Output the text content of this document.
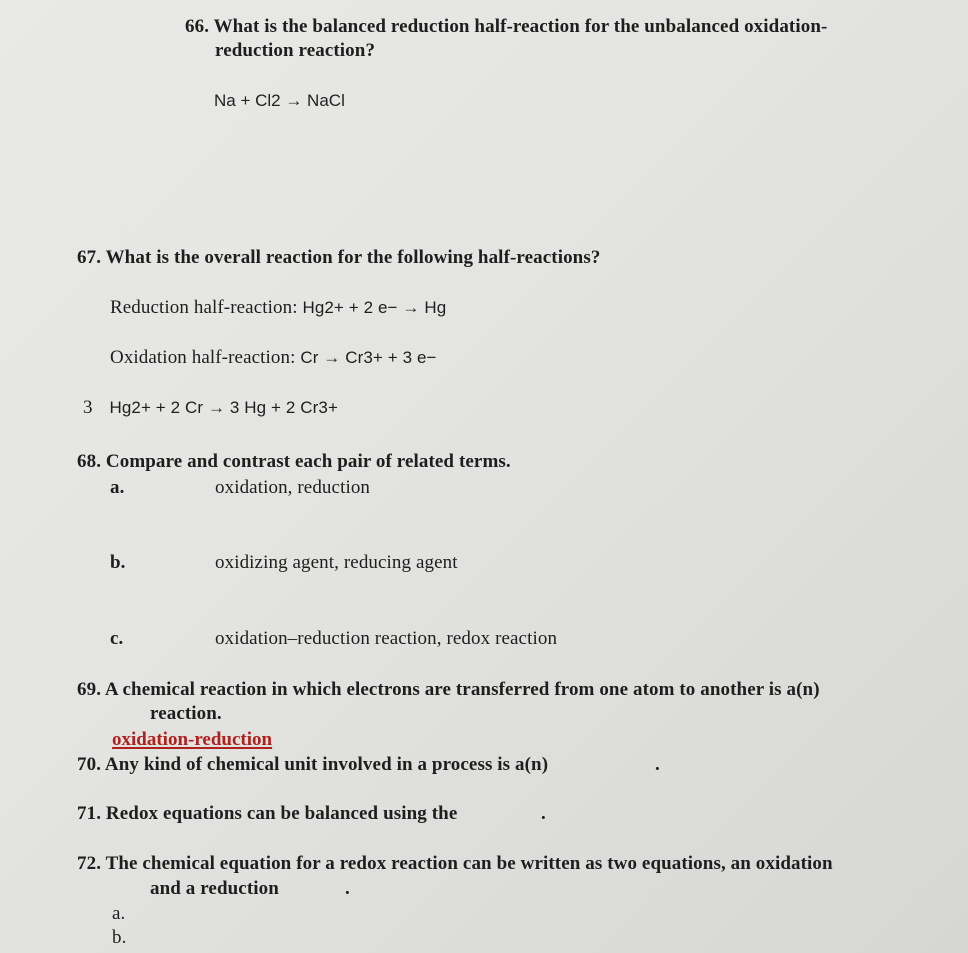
66. What is the balanced reduction half-reaction for the unbalanced oxidation-
reduction reaction?
Na + Cl2 → NaCl
67. What is the overall reaction for the following half-reactions?
Reduction half-reaction: Hg2+ + 2 e− → Hg
Oxidation half-reaction: Cr → Cr3+ + 3 e−
3 Hg2+ + 2 Cr → 3 Hg + 2 Cr3+
68. Compare and contrast each pair of related terms.
a.	oxidation, reduction
b.	oxidizing agent, reducing agent
c.	oxidation–reduction reaction, redox reaction
69. A chemical reaction in which electrons are transferred from one atom to another is a(n)
reaction.
oxidation-reduction
70. Any kind of chemical unit involved in a process is a(n)	.
71. Redox equations can be balanced using the	.
72. The chemical equation for a redox reaction can be written as two equations, an oxidation
and a reduction	.
a.
b.
